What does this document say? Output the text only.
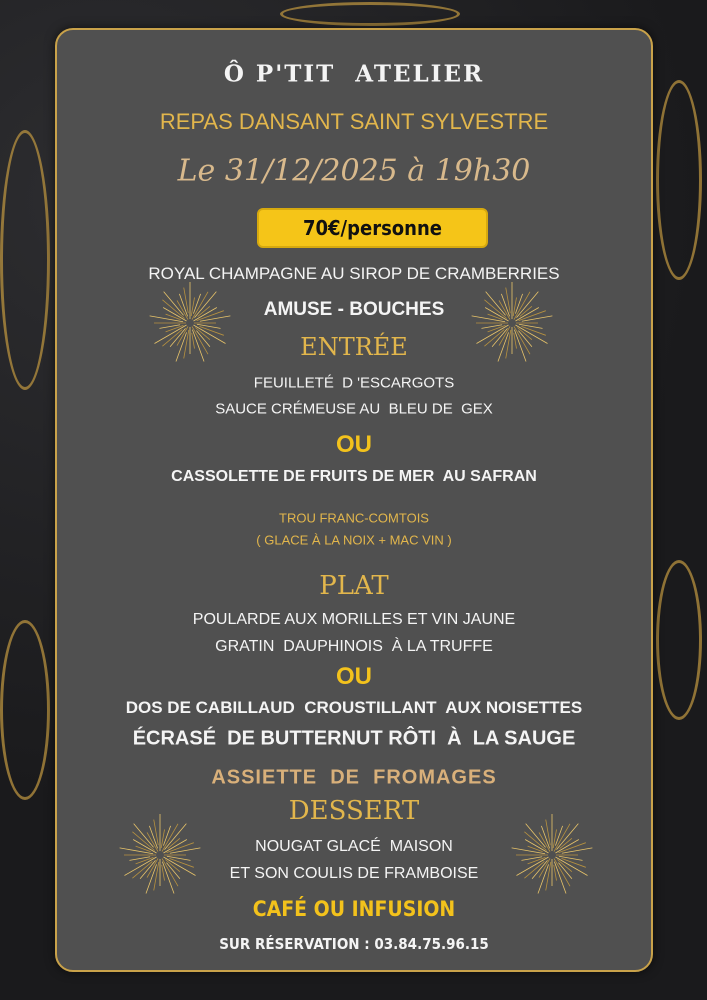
Ô P'TIT  ATELIER
REPAS DANSANT SAINT SYLVESTRE
Le 31/12/2025 à 19h30
70€/personne
ROYAL CHAMPAGNE AU SIROP DE CRAMBERRIES
AMUSE - BOUCHES
ENTRÉE
FEUILLETÉ  D 'ESCARGOTS
SAUCE CRÉMEUSE AU  BLEU DE  GEX
OU
CASSOLETTE DE FRUITS DE MER  AU SAFRAN
TROU FRANC-COMTOIS
( GLACE À LA NOIX + MAC VIN )
PLAT
POULARDE AUX MORILLES ET VIN JAUNE
GRATIN  DAUPHINOIS  À LA TRUFFE
OU
DOS DE CABILLAUD  CROUSTILLANT  AUX NOISETTES
ÉCRASÉ  DE BUTTERNUT RÔTI  À  LA SAUGE
ASSIETTE  DE  FROMAGES
DESSERT
NOUGAT GLACÉ  MAISON
ET SON COULIS DE FRAMBOISE
CAFÉ OU INFUSION
SUR RÉSERVATION : 03.84.75.96.15
